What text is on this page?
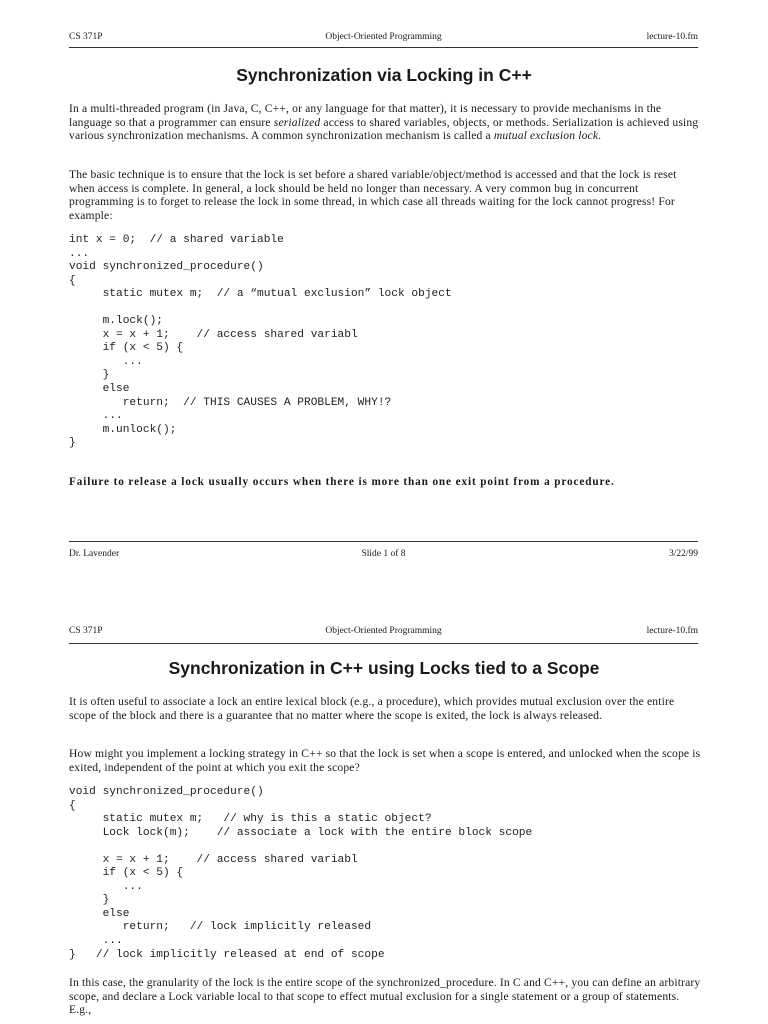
CS 371P	Object-Oriented Programming	lecture-10.fm
Synchronization via Locking in C++

In a multi-threaded program (in Java, C, C++, or any language for that matter), it is necessary to provide mechanisms in the language so that a programmer can ensure serialized access to shared variables, objects, or methods. Serialization is achieved using various synchronization mechanisms. A common synchronization mechanism is called a mutual exclusion lock.

The basic technique is to ensure that the lock is set before a shared variable/object/method is accessed and that the lock is reset when access is complete. In general, a lock should be held no longer than necessary. A very common bug in concurrent programming is to forget to release the lock in some thread, in which case all threads waiting for the lock cannot progress! For example:

int x = 0;  // a shared variable
...
void synchronized_procedure()
{
static mutex m;  // a “mutual exclusion” lock object

m.lock();
x = x + 1;    // access shared variabl
if (x < 5) {
...
}
else
return;  // THIS CAUSES A PROBLEM, WHY!?
...
m.unlock();
}

Failure to release a lock usually occurs when there is more than one exit point from a procedure.

Dr. Lavender	Slide 1 of 8	3/22/99
CS 371P	Object-Oriented Programming	lecture-10.fm
Synchronization in C++ using Locks tied to a Scope

It is often useful to associate a lock an entire lexical block (e.g., a procedure), which provides mutual exclusion over the entire scope of the block and there is a guarantee that no matter where the scope is exited, the lock is always released.

How might you implement a locking strategy in C++ so that the lock is set when a scope is entered, and unlocked when the scope is exited, independent of the point at which you exit the scope?

void synchronized_procedure()
{
static mutex m;   // why is this a static object?
Lock lock(m);    // associate a lock with the entire block scope

x = x + 1;    // access shared variabl
if (x < 5) {
...
}
else
return;   // lock implicitly released
...
}   // lock implicitly released at end of scope

In this case, the granularity of the lock is the entire scope of the synchronized_procedure. In C and C++, you can define an arbitrary scope, and declare a Lock variable local to that scope to effect mutual exclusion for a single statement or a group of statements. E.g.,
